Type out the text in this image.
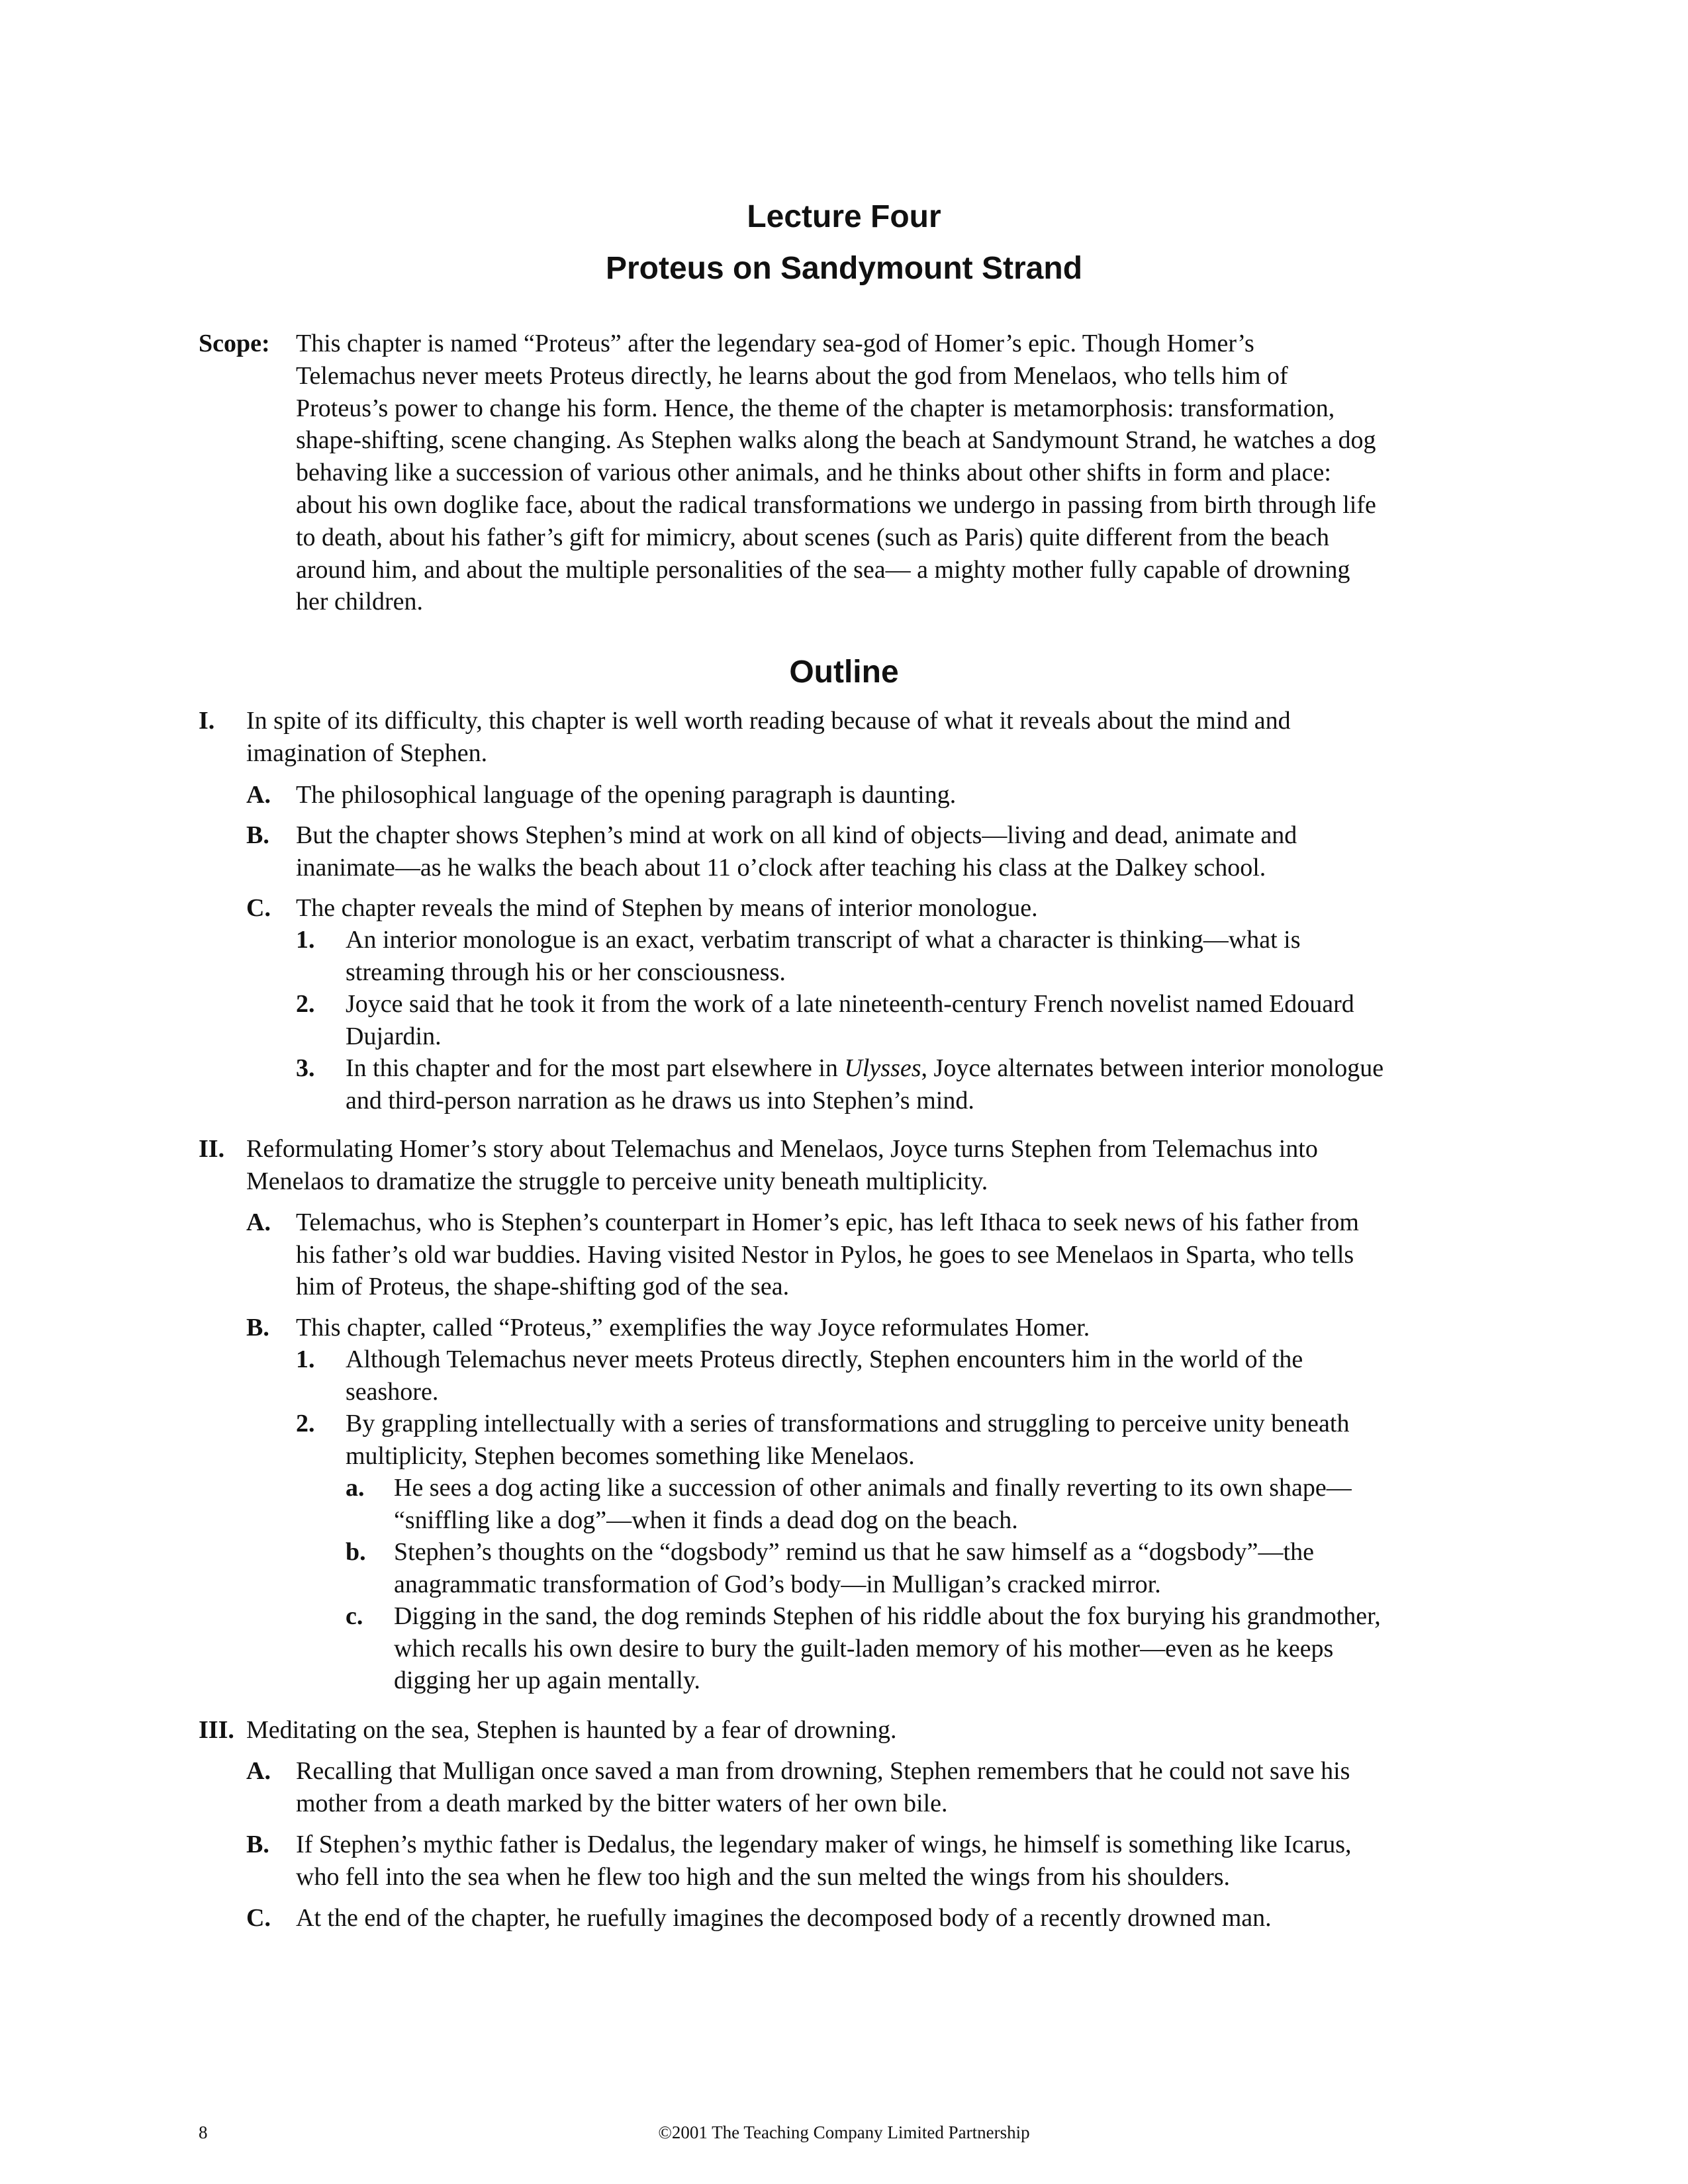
Lecture Four
Proteus on Sandymount Strand
Scope: This chapter is named “Proteus” after the legendary sea-god of Homer’s epic. Though Homer’s
Telemachus never meets Proteus directly, he learns about the god from Menelaos, who tells him of
Proteus’s power to change his form. Hence, the theme of the chapter is metamorphosis: transformation,
shape-shifting, scene changing. As Stephen walks along the beach at Sandymount Strand, he watches a dog
behaving like a succession of various other animals, and he thinks about other shifts in form and place:
about his own doglike face, about the radical transformations we undergo in passing from birth through life
to death, about his father’s gift for mimicry, about scenes (such as Paris) quite different from the beach
around him, and about the multiple personalities of the sea— a mighty mother fully capable of drowning
her children.
Outline
I. In spite of its difficulty, this chapter is well worth reading because of what it reveals about the mind and
imagination of Stephen.
A. The philosophical language of the opening paragraph is daunting.
B. But the chapter shows Stephen’s mind at work on all kind of objects—living and dead, animate and
inanimate—as he walks the beach about 11 o’clock after teaching his class at the Dalkey school.
C. The chapter reveals the mind of Stephen by means of interior monologue.
1. An interior monologue is an exact, verbatim transcript of what a character is thinking—what is
streaming through his or her consciousness.
2. Joyce said that he took it from the work of a late nineteenth-century French novelist named Edouard
Dujardin.
3. In this chapter and for the most part elsewhere in Ulysses, Joyce alternates between interior monologue
and third-person narration as he draws us into Stephen’s mind.
II. Reformulating Homer’s story about Telemachus and Menelaos, Joyce turns Stephen from Telemachus into
Menelaos to dramatize the struggle to perceive unity beneath multiplicity.
A. Telemachus, who is Stephen’s counterpart in Homer’s epic, has left Ithaca to seek news of his father from
his father’s old war buddies. Having visited Nestor in Pylos, he goes to see Menelaos in Sparta, who tells
him of Proteus, the shape-shifting god of the sea.
B. This chapter, called “Proteus,” exemplifies the way Joyce reformulates Homer.
1. Although Telemachus never meets Proteus directly, Stephen encounters him in the world of the
seashore.
2. By grappling intellectually with a series of transformations and struggling to perceive unity beneath
multiplicity, Stephen becomes something like Menelaos.
a. He sees a dog acting like a succession of other animals and finally reverting to its own shape—
“sniffling like a dog”—when it finds a dead dog on the beach.
b. Stephen’s thoughts on the “dogsbody” remind us that he saw himself as a “dogsbody”—the
anagrammatic transformation of God’s body—in Mulligan’s cracked mirror.
c. Digging in the sand, the dog reminds Stephen of his riddle about the fox burying his grandmother,
which recalls his own desire to bury the guilt-laden memory of his mother—even as he keeps
digging her up again mentally.
III. Meditating on the sea, Stephen is haunted by a fear of drowning.
A. Recalling that Mulligan once saved a man from drowning, Stephen remembers that he could not save his
mother from a death marked by the bitter waters of her own bile.
B. If Stephen’s mythic father is Dedalus, the legendary maker of wings, he himself is something like Icarus,
who fell into the sea when he flew too high and the sun melted the wings from his shoulders.
C. At the end of the chapter, he ruefully imagines the decomposed body of a recently drowned man.
8	©2001 The Teaching Company Limited Partnership
